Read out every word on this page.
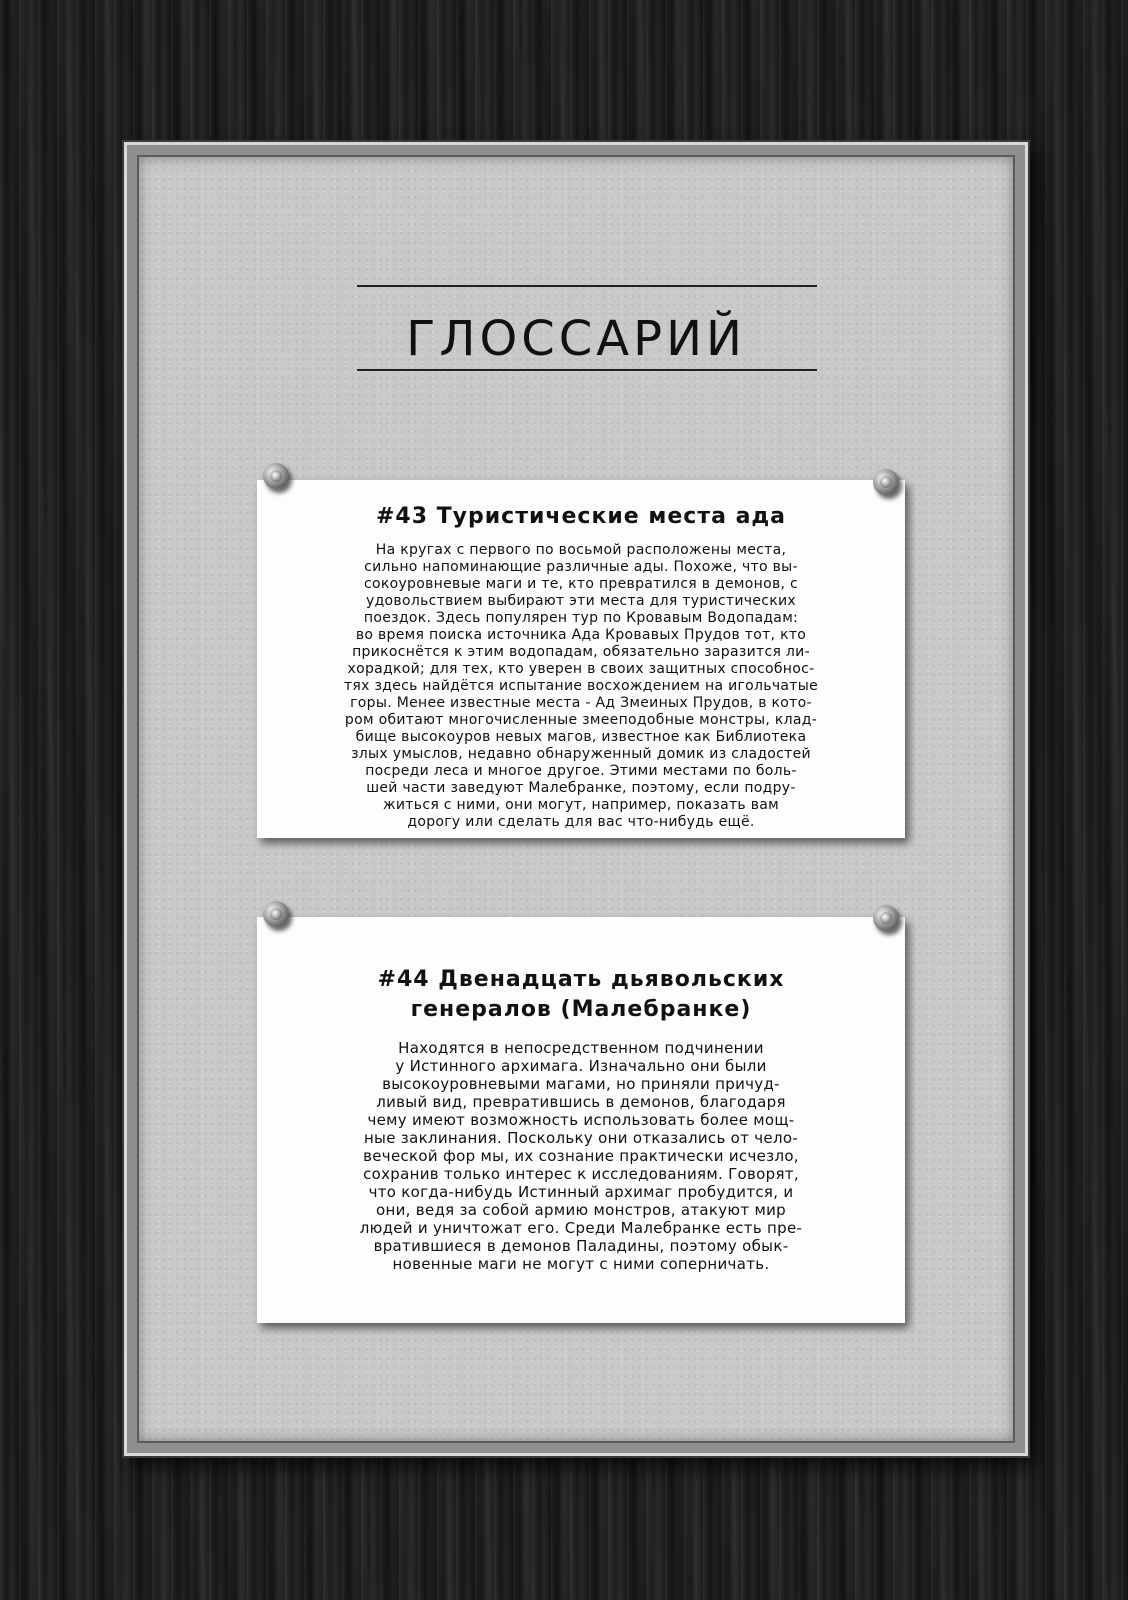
ГЛОССАРИЙ
#43 Туристические места ада
На кругах с первого по восьмой расположены места,
сильно напоминающие различные ады. Похоже, что вы-
сокоуровневые маги и те, кто превратился в демонов, с
удовольствием выбирают эти места для туристических
поездок. Здесь популярен тур по Кровавым Водопадам:
во время поиска источника Ада Кровавых Прудов тот, кто
прикоснётся к этим водопадам, обязательно заразится ли-
хорадкой; для тех, кто уверен в своих защитных способнос-
тях здесь найдётся испытание восхождением на игольчатые
горы. Менее известные места - Ад Змеиных Прудов, в кото-
ром обитают многочисленные змееподобные монстры, клад-
бище высокоуров невых магов, известное как Библиотека
злых умыслов, недавно обнаруженный домик из сладостей
посреди леса и многое другое. Этими местами по боль-
шей части заведуют Малебранке, поэтому, если подру-
житься с ними, они могут, например, показать вам
дорогу или сделать для вас что-нибудь ещё.
#44 Двенадцать дьявольских
генералов (Малебранке)
Находятся в непосредственном подчинении
у Истинного архимага. Изначально они были
высокоуровневыми магами, но приняли причуд-
ливый вид, превратившись в демонов, благодаря
чему имеют возможность использовать более мощ-
ные заклинания. Поскольку они отказались от чело-
веческой фор мы, их сознание практически исчезло,
сохранив только интерес к исследованиям. Говорят,
что когда-нибудь Истинный архимаг пробудится, и
они, ведя за собой армию монстров, атакуют мир
людей и уничтожат его. Среди Малебранке есть пре-
вратившиеся в демонов Паладины, поэтому обык-
новенные маги не могут с ними соперничать.
